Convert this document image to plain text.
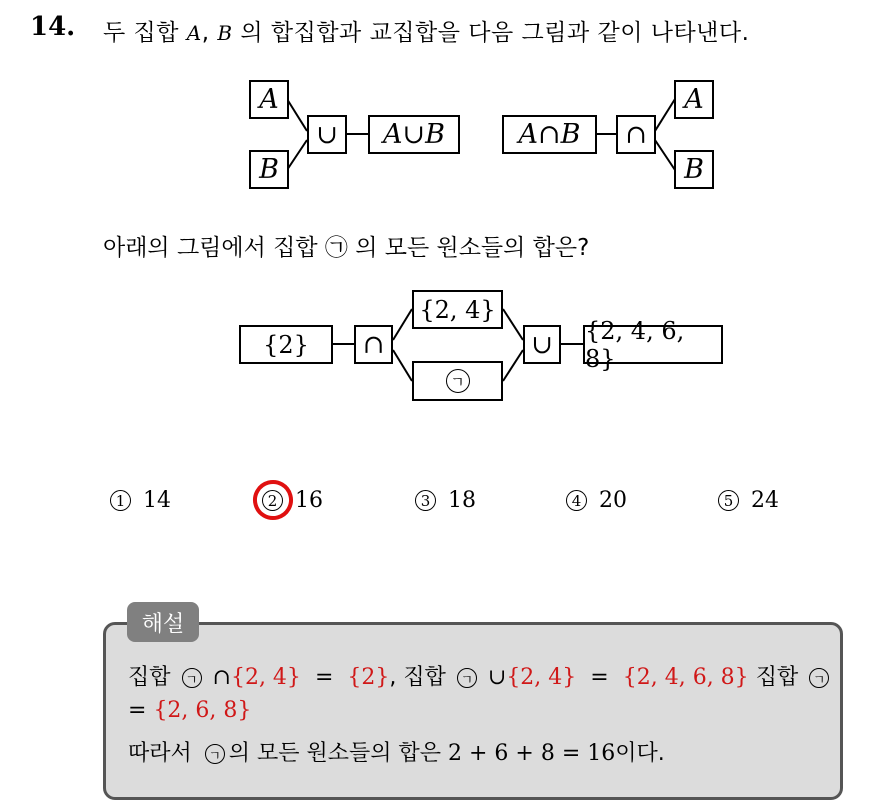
14. 두 집합 A, B 의 합집합과 교집합을 다음 그림과 같이 나타낸다.
A
B
∪	A∪B	A∩B	∩
A
B
아래의 그림에서 집합 ㉠ 의 모든 원소들의 합은?
{2}	∩
{2, 4}
ㄱ
∪	{2, 4, 6, 8}
1 14	2 16	3 18	4 20	5 24
해설
집합 ㄱ ∩{2, 4} = {2}, 집합 ㄱ ∪{2, 4} = {2, 4, 6, 8} 집합 ㄱ
= {2, 6, 8}
따라서 ㄱ 의 모든 원소들의 합은 2 + 6 + 8 = 16이다.
